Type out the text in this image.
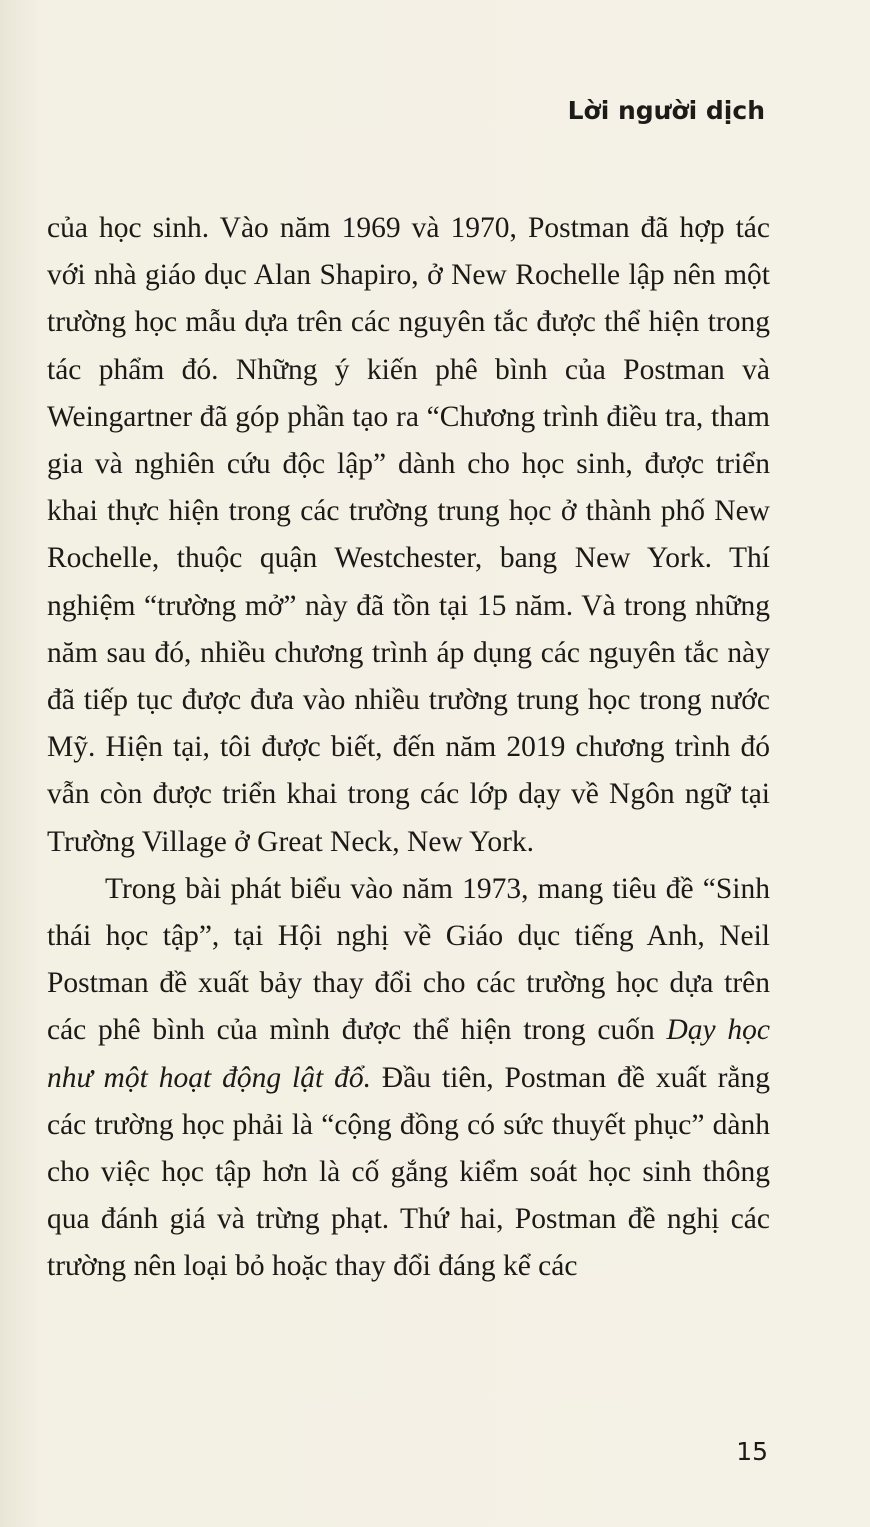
Lời người dịch

của học sinh. Vào năm 1969 và 1970, Postman đã hợp tác với nhà giáo dục Alan Shapiro, ở New Rochelle lập nên một trường học mẫu dựa trên các nguyên tắc được thể hiện trong tác phẩm đó. Những ý kiến phê bình của Postman và Weingartner đã góp phần tạo ra “Chương trình điều tra, tham gia và nghiên cứu độc lập” dành cho học sinh, được triển khai thực hiện trong các trường trung học ở thành phố New Rochelle, thuộc quận Westchester, bang New York. Thí nghiệm “trường mở” này đã tồn tại 15 năm. Và trong những năm sau đó, nhiều chương trình áp dụng các nguyên tắc này đã tiếp tục được đưa vào nhiều trường trung học trong nước Mỹ. Hiện tại, tôi được biết, đến năm 2019 chương trình đó vẫn còn được triển khai trong các lớp dạy về Ngôn ngữ tại Trường Village ở Great Neck, New York.

Trong bài phát biểu vào năm 1973, mang tiêu đề “Sinh thái học tập”, tại Hội nghị về Giáo dục tiếng Anh, Neil Postman đề xuất bảy thay đổi cho các trường học dựa trên các phê bình của mình được thể hiện trong cuốn Dạy học như một hoạt động lật đổ. Đầu tiên, Postman đề xuất rằng các trường học phải là “cộng đồng có sức thuyết phục” dành cho việc học tập hơn là cố gắng kiểm soát học sinh thông qua đánh giá và trừng phạt. Thứ hai, Postman đề nghị các trường nên loại bỏ hoặc thay đổi đáng kể các

15
